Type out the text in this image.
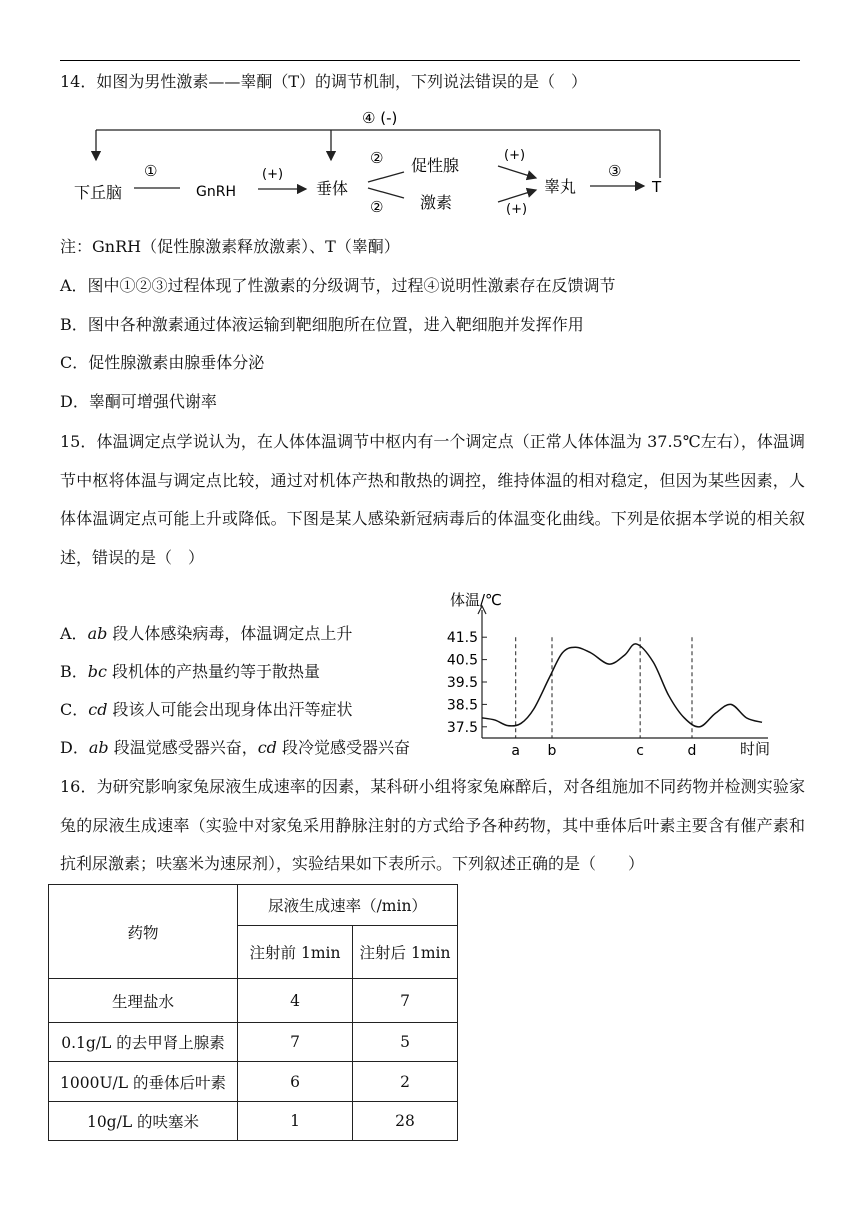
14．如图为男性激素——睾酮（T）的调节机制，下列说法错误的是（　）
④ (-)
下丘脑	GnRH	垂体
促性腺
激素
睾丸	T
①	(+)
②
②
(+)
(+)
③
注：GnRH（促性腺激素释放激素）、T（睾酮）
A．图中①②③过程体现了性激素的分级调节，过程④说明性激素存在反馈调节
B．图中各种激素通过体液运输到靶细胞所在位置，进入靶细胞并发挥作用
C．促性腺激素由腺垂体分泌
D．睾酮可增强代谢率
15．体温调定点学说认为，在人体体温调节中枢内有一个调定点（正常人体体温为 37.5℃左右），体温调节中枢将体温与调定点比较，通过对机体产热和散热的调控，维持体温的相对稳定，但因为某些因素，人体体温调定点可能上升或降低。下图是某人感染新冠病毒后的体温变化曲线。下列是依据本学说的相关叙述，错误的是（　）
A．ab 段人体感染病毒，体温调定点上升
B．bc 段机体的产热量约等于散热量
C．cd 段该人可能会出现身体出汗等症状
D．ab 段温觉感受器兴奋，cd 段冷觉感受器兴奋
体温/℃
37.5
38.5
39.5
40.5
41.5
时间
a b	c	d
16．为研究影响家兔尿液生成速率的因素，某科研小组将家兔麻醉后，对各组施加不同药物并检测实验家兔的尿液生成速率（实验中对家兔采用静脉注射的方式给予各种药物，其中垂体后叶素主要含有催产素和抗利尿激素；呋塞米为速尿剂），实验结果如下表所示。下列叙述正确的是（　　）
药物	尿液生成速率（/min）	
	注射前 1min	注射后 1min
生理盐水	4	7
0.1g/L 的去甲肾上腺素	7	5
1000U/L 的垂体后叶素	6	2
10g/L 的呋塞米	1	28
